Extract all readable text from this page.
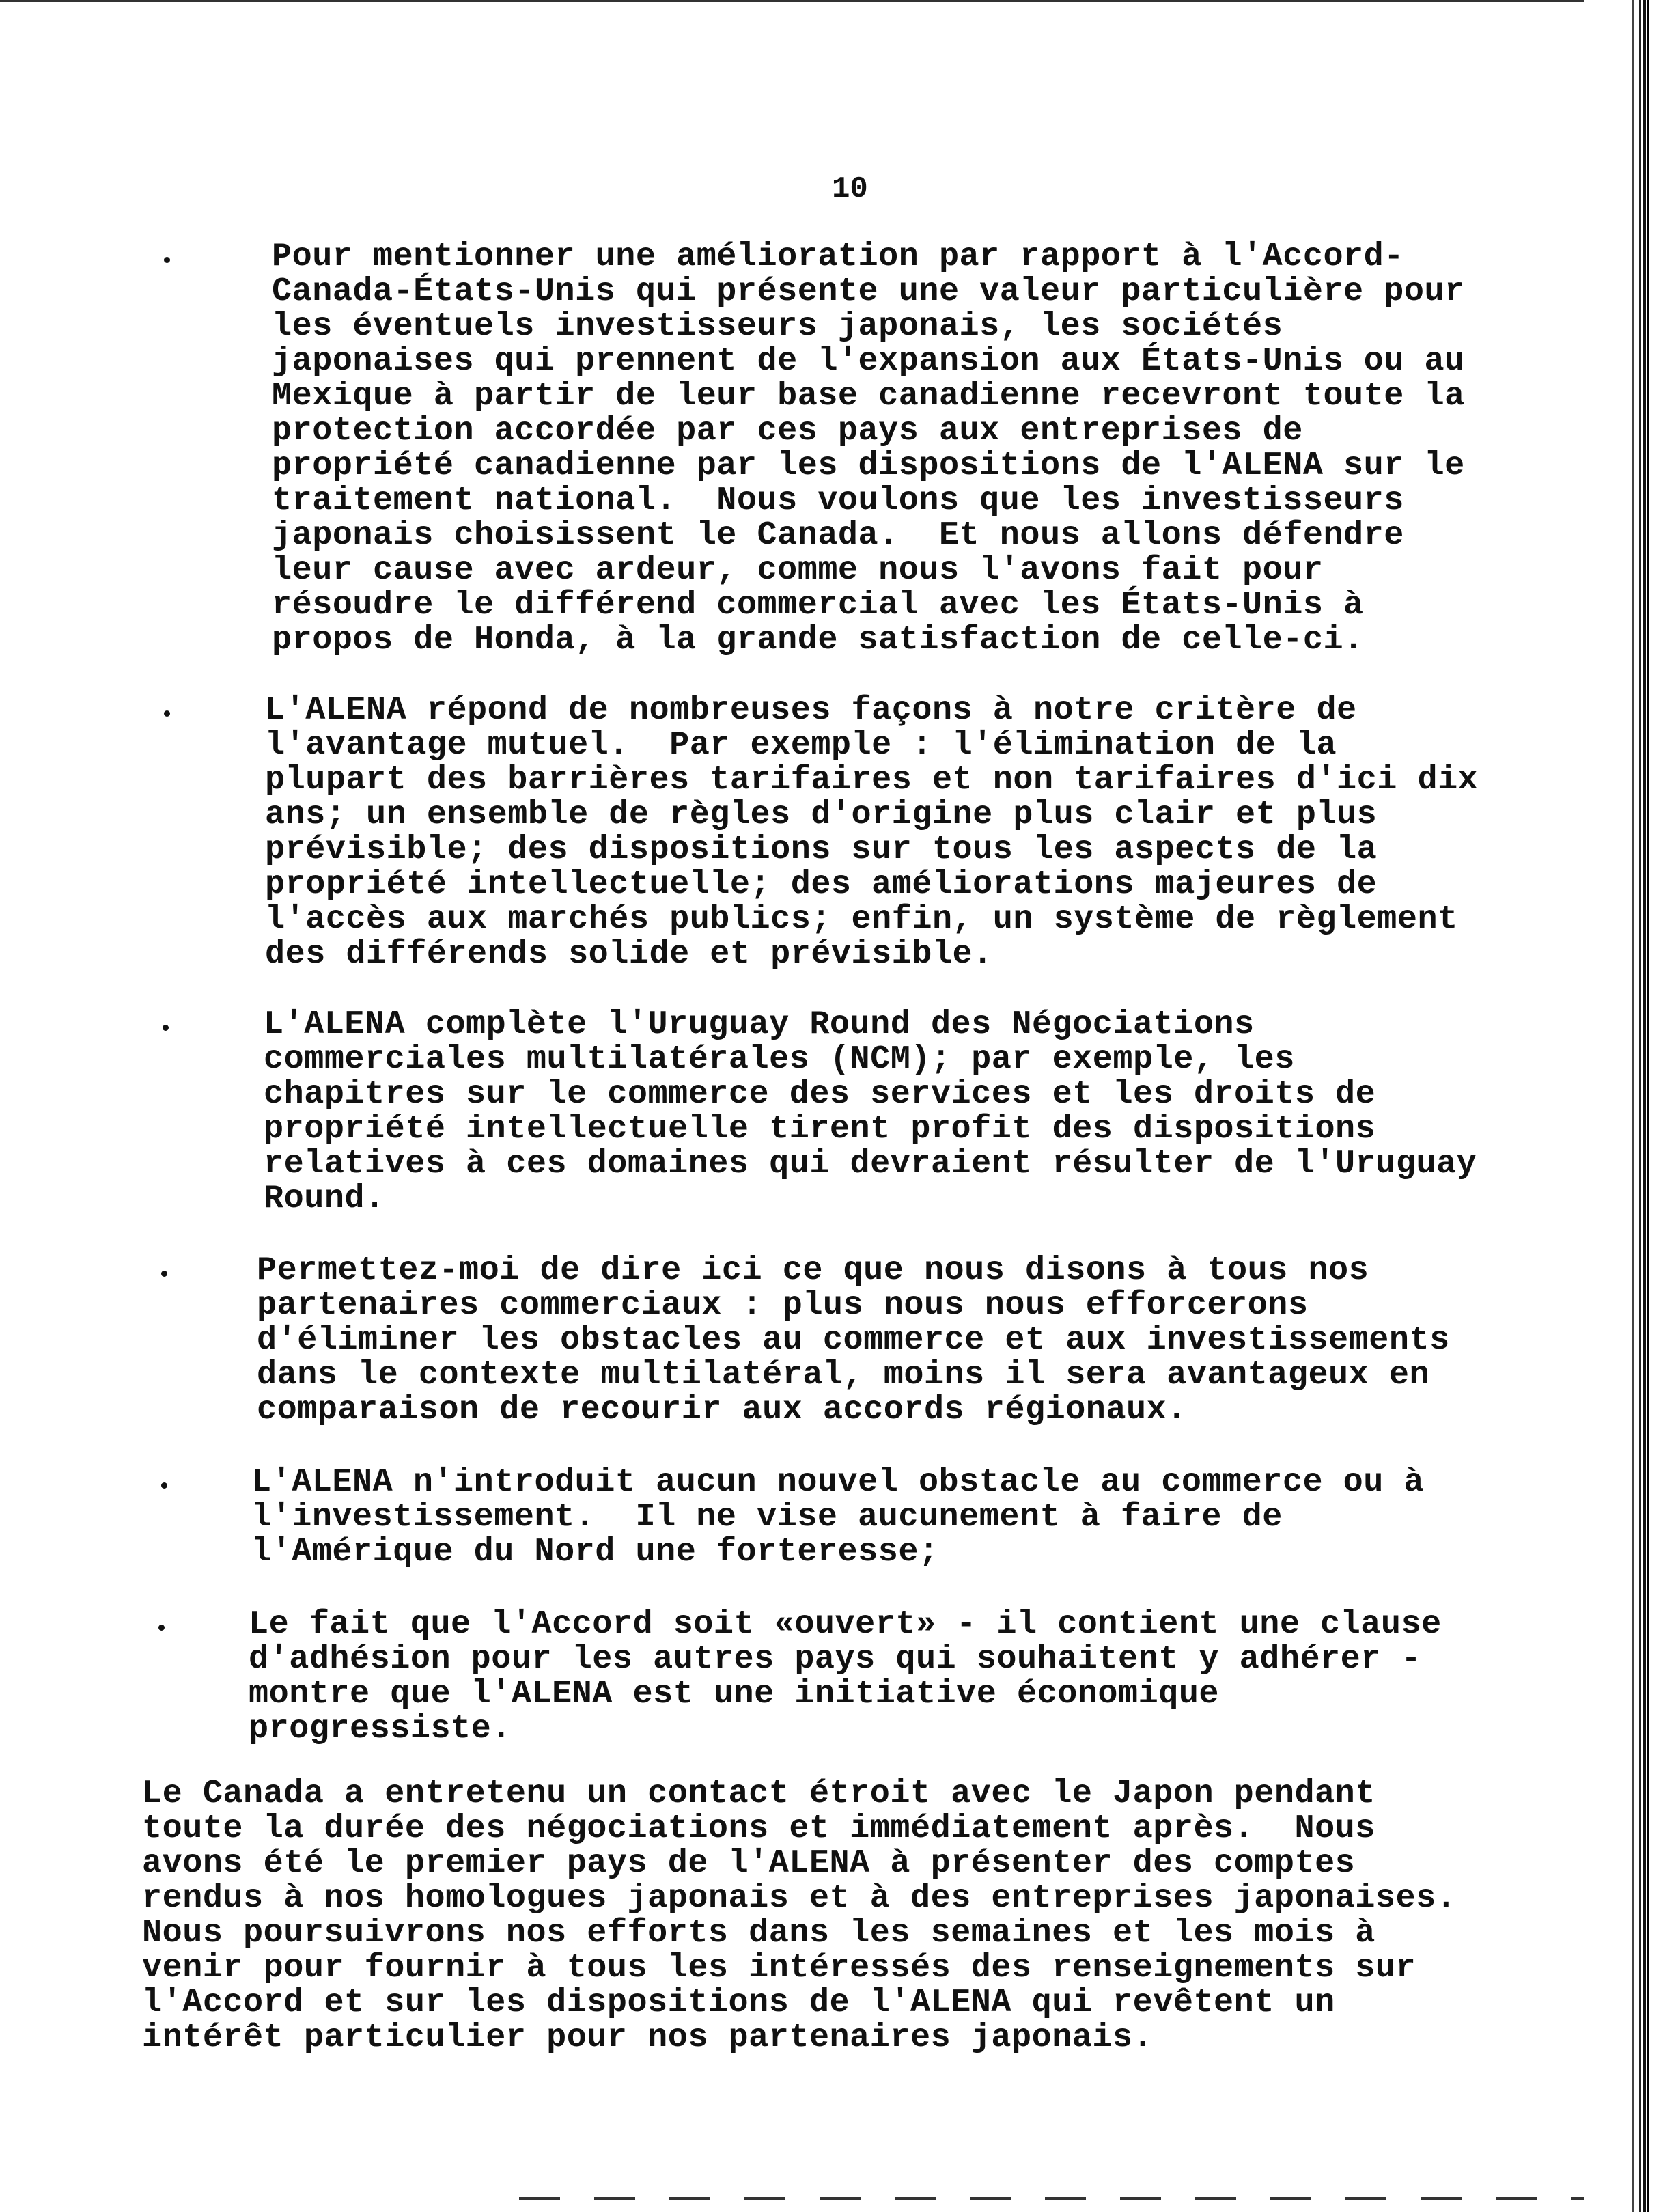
10

Pour mentionner une amélioration par rapport à l'Accord-
Canada-États-Unis qui présente une valeur particulière pour
les éventuels investisseurs japonais, les sociétés
japonaises qui prennent de l'expansion aux États-Unis ou au
Mexique à partir de leur base canadienne recevront toute la
protection accordée par ces pays aux entreprises de
propriété canadienne par les dispositions de l'ALENA sur le
traitement national.  Nous voulons que les investisseurs
japonais choisissent le Canada.  Et nous allons défendre
leur cause avec ardeur, comme nous l'avons fait pour
résoudre le différend commercial avec les États-Unis à
propos de Honda, à la grande satisfaction de celle-ci.

L'ALENA répond de nombreuses façons à notre critère de
l'avantage mutuel.  Par exemple : l'élimination de la
plupart des barrières tarifaires et non tarifaires d'ici dix
ans; un ensemble de règles d'origine plus clair et plus
prévisible; des dispositions sur tous les aspects de la
propriété intellectuelle; des améliorations majeures de
l'accès aux marchés publics; enfin, un système de règlement
des différends solide et prévisible.

L'ALENA complète l'Uruguay Round des Négociations
commerciales multilatérales (NCM); par exemple, les
chapitres sur le commerce des services et les droits de
propriété intellectuelle tirent profit des dispositions
relatives à ces domaines qui devraient résulter de l'Uruguay
Round.

Permettez-moi de dire ici ce que nous disons à tous nos
partenaires commerciaux : plus nous nous efforcerons
d'éliminer les obstacles au commerce et aux investissements
dans le contexte multilatéral, moins il sera avantageux en
comparaison de recourir aux accords régionaux.

L'ALENA n'introduit aucun nouvel obstacle au commerce ou à
l'investissement.  Il ne vise aucunement à faire de
l'Amérique du Nord une forteresse;

Le fait que l'Accord soit «ouvert» - il contient une clause
d'adhésion pour les autres pays qui souhaitent y adhérer -
montre que l'ALENA est une initiative économique
progressiste.

Le Canada a entretenu un contact étroit avec le Japon pendant
toute la durée des négociations et immédiatement après.  Nous
avons été le premier pays de l'ALENA à présenter des comptes
rendus à nos homologues japonais et à des entreprises japonaises.
Nous poursuivrons nos efforts dans les semaines et les mois à
venir pour fournir à tous les intéressés des renseignements sur
l'Accord et sur les dispositions de l'ALENA qui revêtent un
intérêt particulier pour nos partenaires japonais.
